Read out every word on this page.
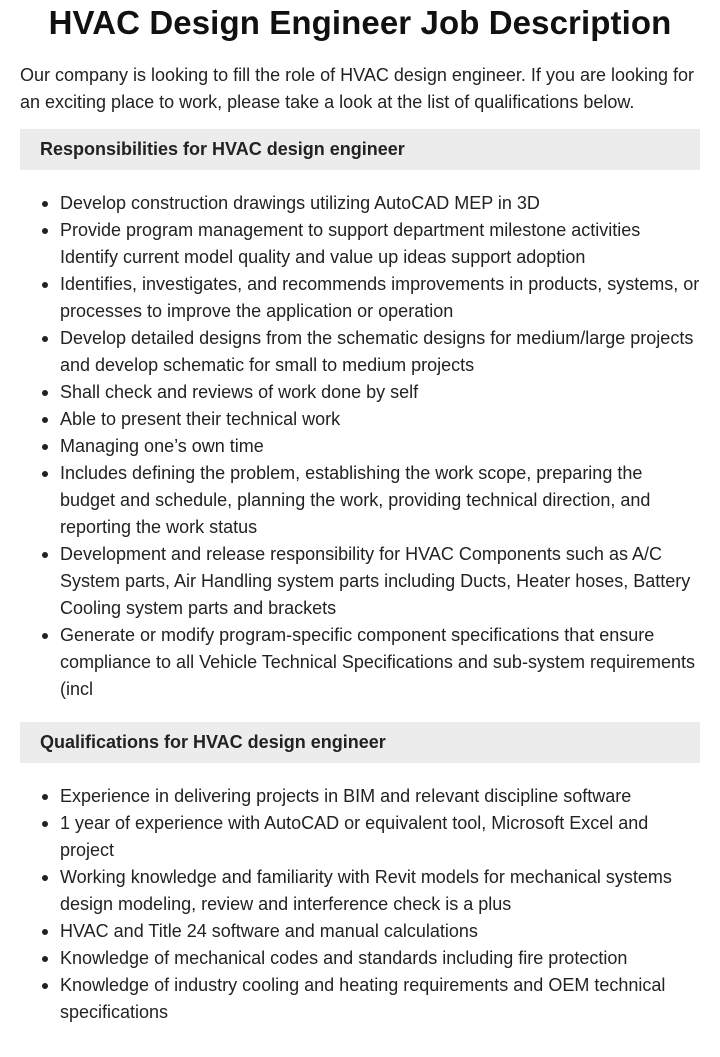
HVAC Design Engineer Job Description

Our company is looking to fill the role of HVAC design engineer. If you are looking for an exciting place to work, please take a look at the list of qualifications below.

Responsibilities for HVAC design engineer
Develop construction drawings utilizing AutoCAD MEP in 3D
Provide program management to support department milestone activities Identify current model quality and value up ideas support adoption
Identifies, investigates, and recommends improvements in products, systems, or processes to improve the application or operation
Develop detailed designs from the schematic designs for medium/large projects and develop schematic for small to medium projects
Shall check and reviews of work done by self
Able to present their technical work
Managing one’s own time
Includes defining the problem, establishing the work scope, preparing the budget and schedule, planning the work, providing technical direction, and reporting the work status
Development and release responsibility for HVAC Components such as A/C System parts, Air Handling system parts including Ducts, Heater hoses, Battery Cooling system parts and brackets
Generate or modify program-specific component specifications that ensure compliance to all Vehicle Technical Specifications and sub-system requirements (incl
Qualifications for HVAC design engineer
Experience in delivering projects in BIM and relevant discipline software
1 year of experience with AutoCAD or equivalent tool, Microsoft Excel and project
Working knowledge and familiarity with Revit models for mechanical systems design modeling, review and interference check is a plus
HVAC and Title 24 software and manual calculations
Knowledge of mechanical codes and standards including fire protection
Knowledge of industry cooling and heating requirements and OEM technical specifications
